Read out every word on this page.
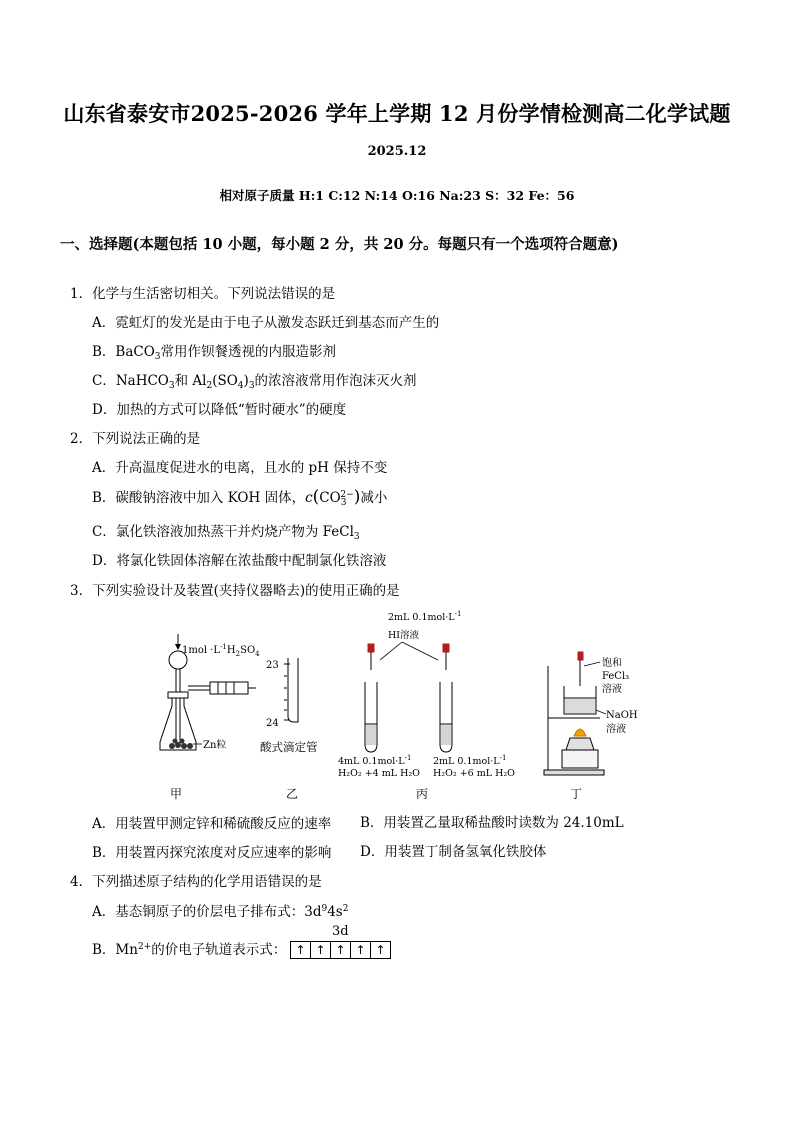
山东省泰安市2025-2026 学年上学期 12 月份学情检测高二化学试题
2025.12
相对原子质量 H:1 C:12 N:14 O:16 Na:23 S：32 Fe：56
一、选择题(本题包括 10 小题，每小题 2 分，共 20 分。每题只有一个选项符合题意)
1．化学与生活密切相关。下列说法错误的是
A．霓虹灯的发光是由于电子从激发态跃迁到基态而产生的
B．BaCO$_3$常用作钡餐透视的内服造影剂
C．NaHCO$_3$和 $Al_2(SO_4)_3$的浓溶液常用作泡沫灭火剂
D．加热的方式可以降低“暂时硬水”的硬度
2．下列说法正确的是
A．升高温度促进水的电离，且水的 pH 保持不变
B．碳酸钠溶液中加入 KOH 固体，$c(CO_3^{2-})$减小
C．氯化铁溶液加热蒸干并灼烧产物为 FeCl$_3$
D．将氯化铁固体溶解在浓盐酸中配制氯化铁溶液
3．下列实验设计及装置(夹持仪器略去)的使用正确的是
$1mol \cdot L^{-1}H_2SO_4$
Zn粒
23
24
酸式滴定管
2mL $0.1mol\cdot L^{-1}$
HI溶液
4mL $0.1mol\cdot L^{-1}$
H₂O₂ +4 mL H₂O
2mL $0.1mol\cdot L^{-1}$
H₂O₂ +6 mL H₂O
饱和
FeCl₃
溶液
NaOH
溶液
甲	乙	丙	丁
A．用装置甲测定锌和稀硫酸反应的速率 B．用装置乙量取稀盐酸时读数为 24.10mL
B．用装置丙探究浓度对反应速率的影响 D．用装置丁制备氢氧化铁胶体
4．下列描述原子结构的化学用语错误的是
A．基态铜原子的价层电子排布式：$3d^94s^2$
B．$Mn^{2+}$的价电子轨道表示式：
3d
↑ ↑ ↑ ↑ ↑
